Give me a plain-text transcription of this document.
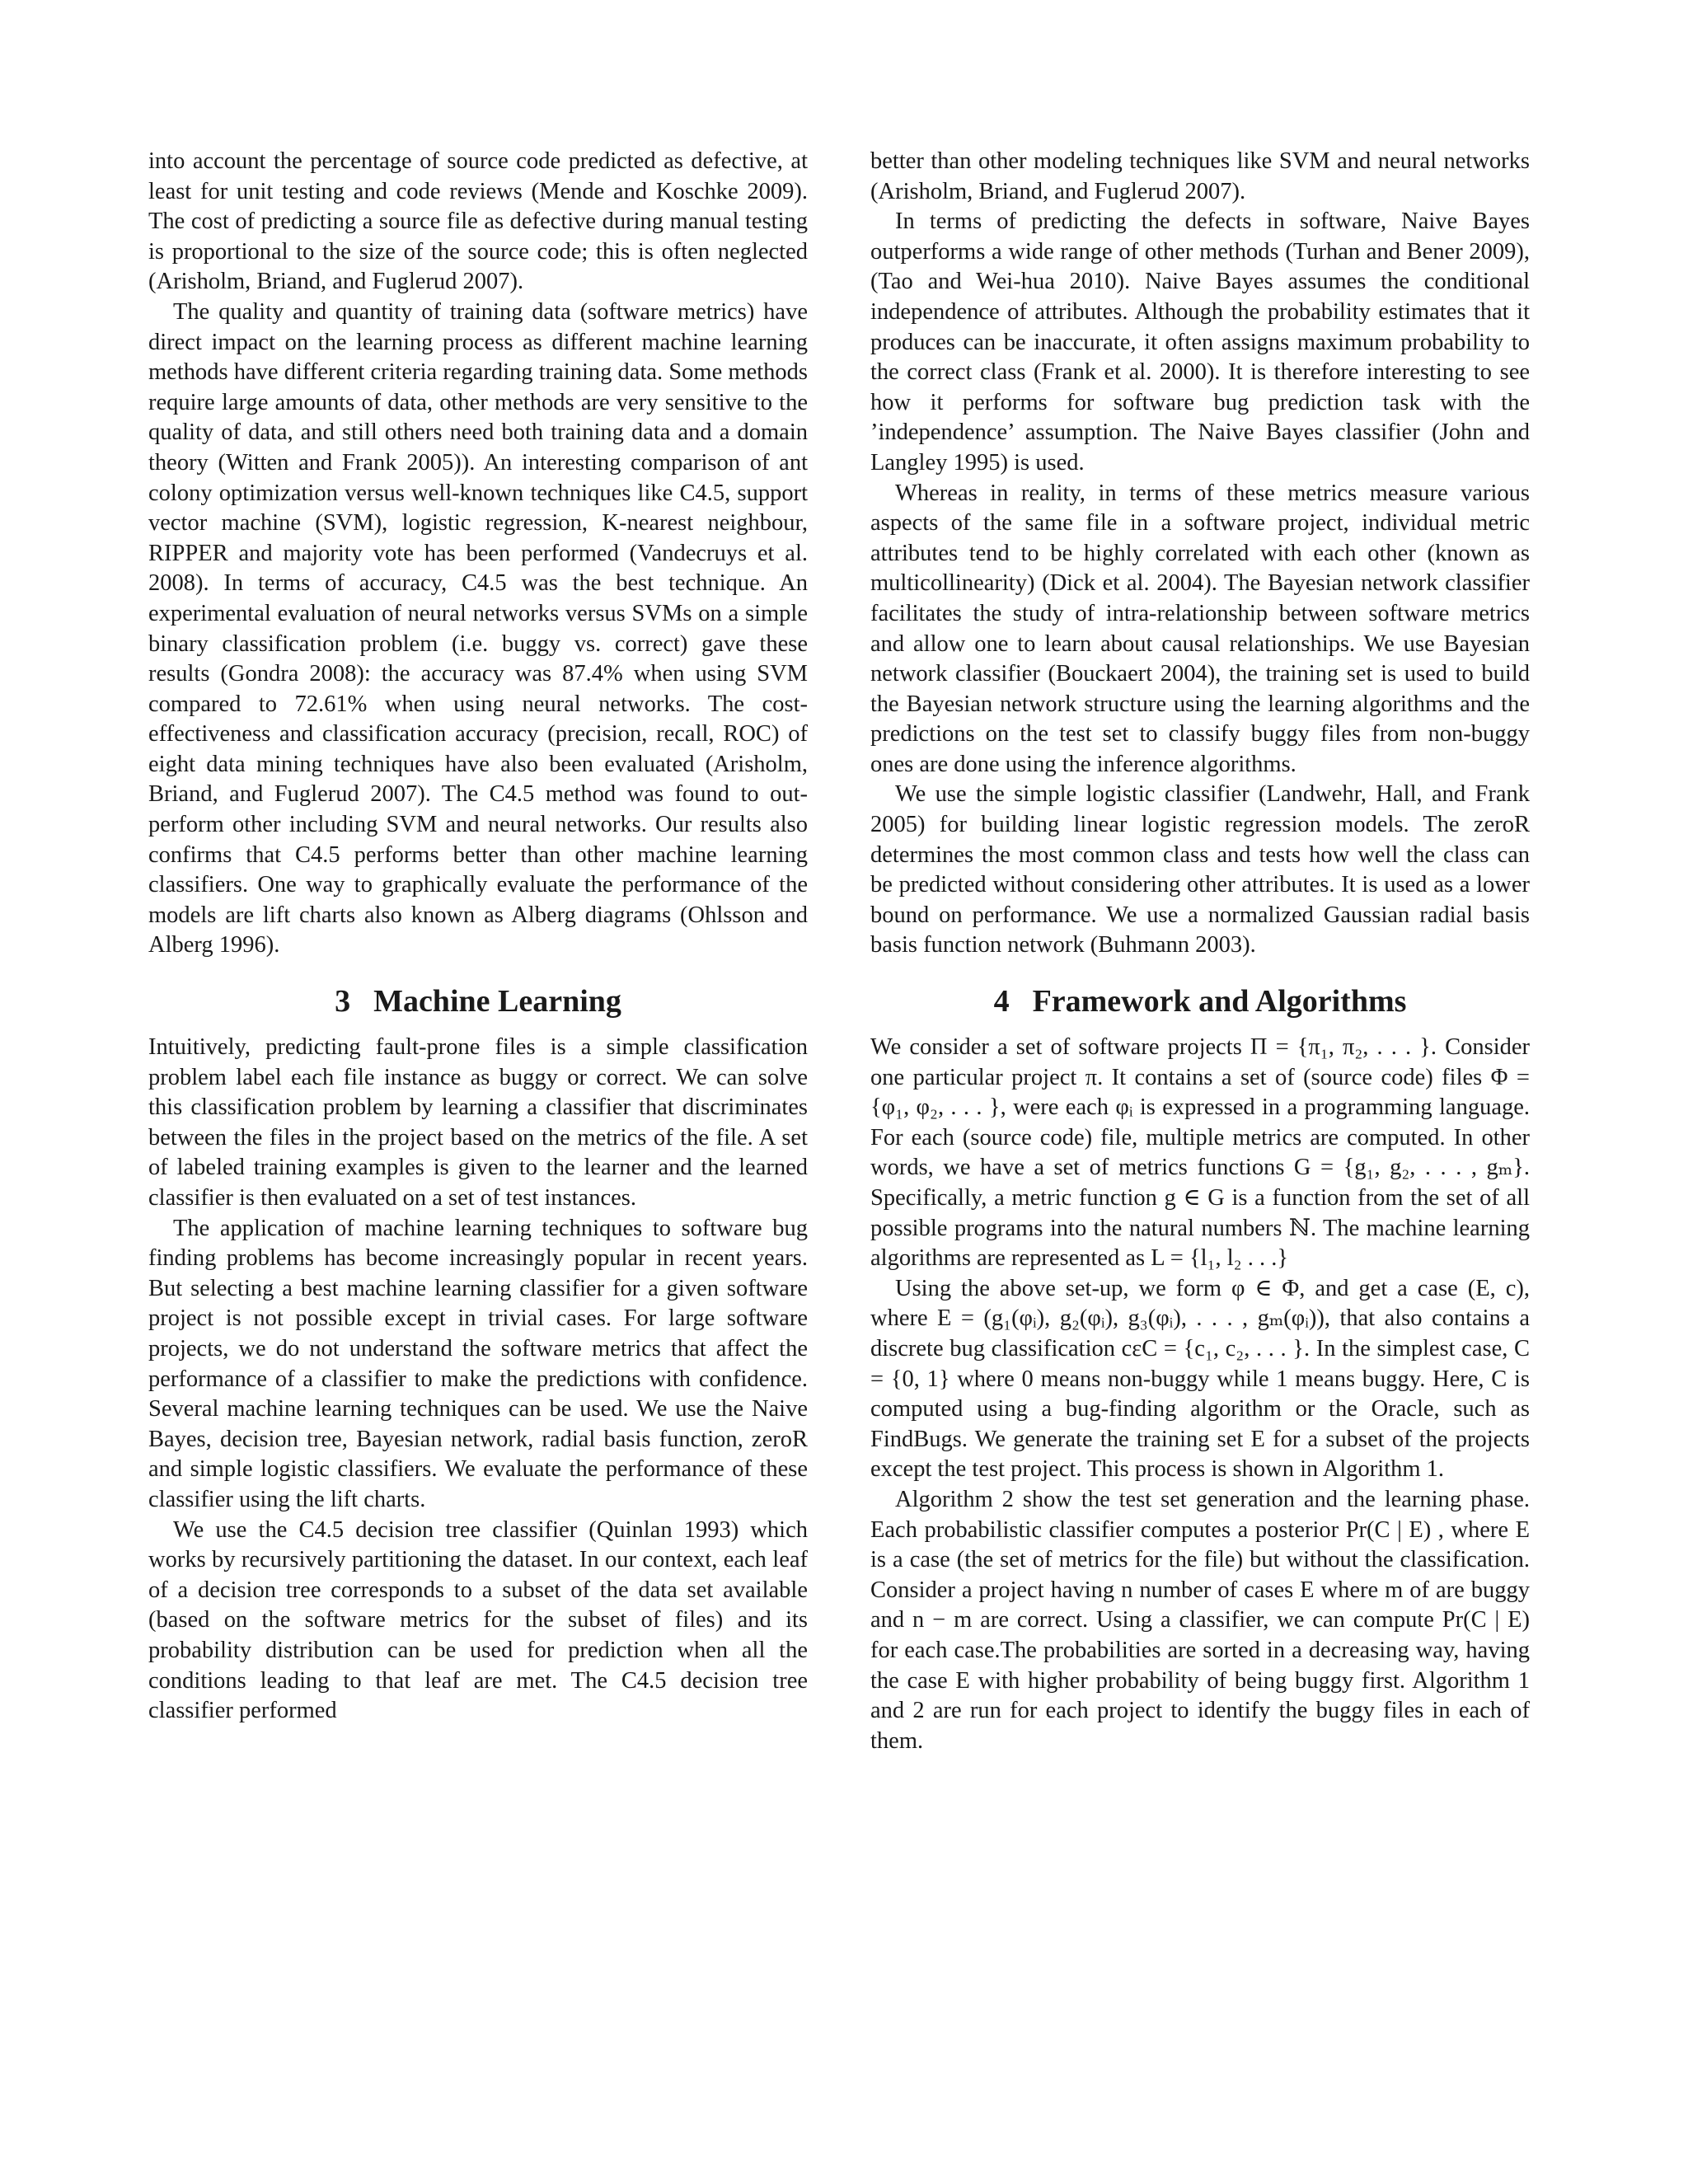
into account the percentage of source code predicted as defective, at least for unit testing and code reviews (Mende and Koschke 2009). The cost of predicting a source file as defective during manual testing is proportional to the size of the source code; this is often neglected (Arisholm, Briand, and Fuglerud 2007).

The quality and quantity of training data (software metrics) have direct impact on the learning process as different machine learning methods have different criteria regarding training data. Some methods require large amounts of data, other methods are very sensitive to the quality of data, and still others need both training data and a domain theory (Witten and Frank 2005)). An interesting comparison of ant colony optimization versus well-known techniques like C4.5, support vector machine (SVM), logistic regression, K-nearest neighbour, RIPPER and majority vote has been performed (Vandecruys et al. 2008). In terms of accuracy, C4.5 was the best technique. An experimental evaluation of neural networks versus SVMs on a simple binary classification problem (i.e. buggy vs. correct) gave these results (Gondra 2008): the accuracy was 87.4% when using SVM compared to 72.61% when using neural networks. The cost-effectiveness and classification accuracy (precision, recall, ROC) of eight data mining techniques have also been evaluated (Arisholm, Briand, and Fuglerud 2007). The C4.5 method was found to out-perform other including SVM and neural networks. Our results also confirms that C4.5 performs better than other machine learning classifiers. One way to graphically evaluate the performance of the models are lift charts also known as Alberg diagrams (Ohlsson and Alberg 1996).

3 Machine Learning

Intuitively, predicting fault-prone files is a simple classification problem label each file instance as buggy or correct. We can solve this classification problem by learning a classifier that discriminates between the files in the project based on the metrics of the file. A set of labeled training examples is given to the learner and the learned classifier is then evaluated on a set of test instances.

The application of machine learning techniques to software bug finding problems has become increasingly popular in recent years. But selecting a best machine learning classifier for a given software project is not possible except in trivial cases. For large software projects, we do not understand the software metrics that affect the performance of a classifier to make the predictions with confidence. Several machine learning techniques can be used. We use the Naive Bayes, decision tree, Bayesian network, radial basis function, zeroR and simple logistic classifiers. We evaluate the performance of these classifier using the lift charts.

We use the C4.5 decision tree classifier (Quinlan 1993) which works by recursively partitioning the dataset. In our context, each leaf of a decision tree corresponds to a subset of the data set available (based on the software metrics for the subset of files) and its probability distribution can be used for prediction when all the conditions leading to that leaf are met. The C4.5 decision tree classifier performed

better than other modeling techniques like SVM and neural networks (Arisholm, Briand, and Fuglerud 2007).

In terms of predicting the defects in software, Naive Bayes outperforms a wide range of other methods (Turhan and Bener 2009), (Tao and Wei-hua 2010). Naive Bayes assumes the conditional independence of attributes. Although the probability estimates that it produces can be inaccurate, it often assigns maximum probability to the correct class (Frank et al. 2000). It is therefore interesting to see how it performs for software bug prediction task with the ’independence’ assumption. The Naive Bayes classifier (John and Langley 1995) is used.

Whereas in reality, in terms of these metrics measure various aspects of the same file in a software project, individual metric attributes tend to be highly correlated with each other (known as multicollinearity) (Dick et al. 2004). The Bayesian network classifier facilitates the study of intra-relationship between software metrics and allow one to learn about causal relationships. We use Bayesian network classifier (Bouckaert 2004), the training set is used to build the Bayesian network structure using the learning algorithms and the predictions on the test set to classify buggy files from non-buggy ones are done using the inference algorithms.

We use the simple logistic classifier (Landwehr, Hall, and Frank 2005) for building linear logistic regression models. The zeroR determines the most common class and tests how well the class can be predicted without considering other attributes. It is used as a lower bound on performance. We use a normalized Gaussian radial basis basis function network (Buhmann 2003).

4 Framework and Algorithms

We consider a set of software projects Π = {π₁, π₂, . . . }. Consider one particular project π. It contains a set of (source code) files Φ = {φ₁, φ₂, . . . }, were each φᵢ is expressed in a programming language. For each (source code) file, multiple metrics are computed. In other words, we have a set of metrics functions G = {g₁, g₂, . . . , gₘ}. Specifically, a metric function g ∈ G is a function from the set of all possible programs into the natural numbers ℕ. The machine learning algorithms are represented as L = {l₁, l₂ . . .}

Using the above set-up, we form φ ∈ Φ, and get a case (E, c), where E = (g₁(φᵢ), g₂(φᵢ), g₃(φᵢ), . . . , gₘ(φᵢ)), that also contains a discrete bug classification cεC = {c₁, c₂, . . . }. In the simplest case, C = {0, 1} where 0 means non-buggy while 1 means buggy. Here, C is computed using a bug-finding algorithm or the Oracle, such as FindBugs. We generate the training set E for a subset of the projects except the test project. This process is shown in Algorithm 1.

Algorithm 2 show the test set generation and the learning phase. Each probabilistic classifier computes a posterior Pr(C | E) , where E is a case (the set of metrics for the file) but without the classification. Consider a project having n number of cases E where m of are buggy and n − m are correct. Using a classifier, we can compute Pr(C | E) for each case.The probabilities are sorted in a decreasing way, having the case E with higher probability of being buggy first. Algorithm 1 and 2 are run for each project to identify the buggy files in each of them.
